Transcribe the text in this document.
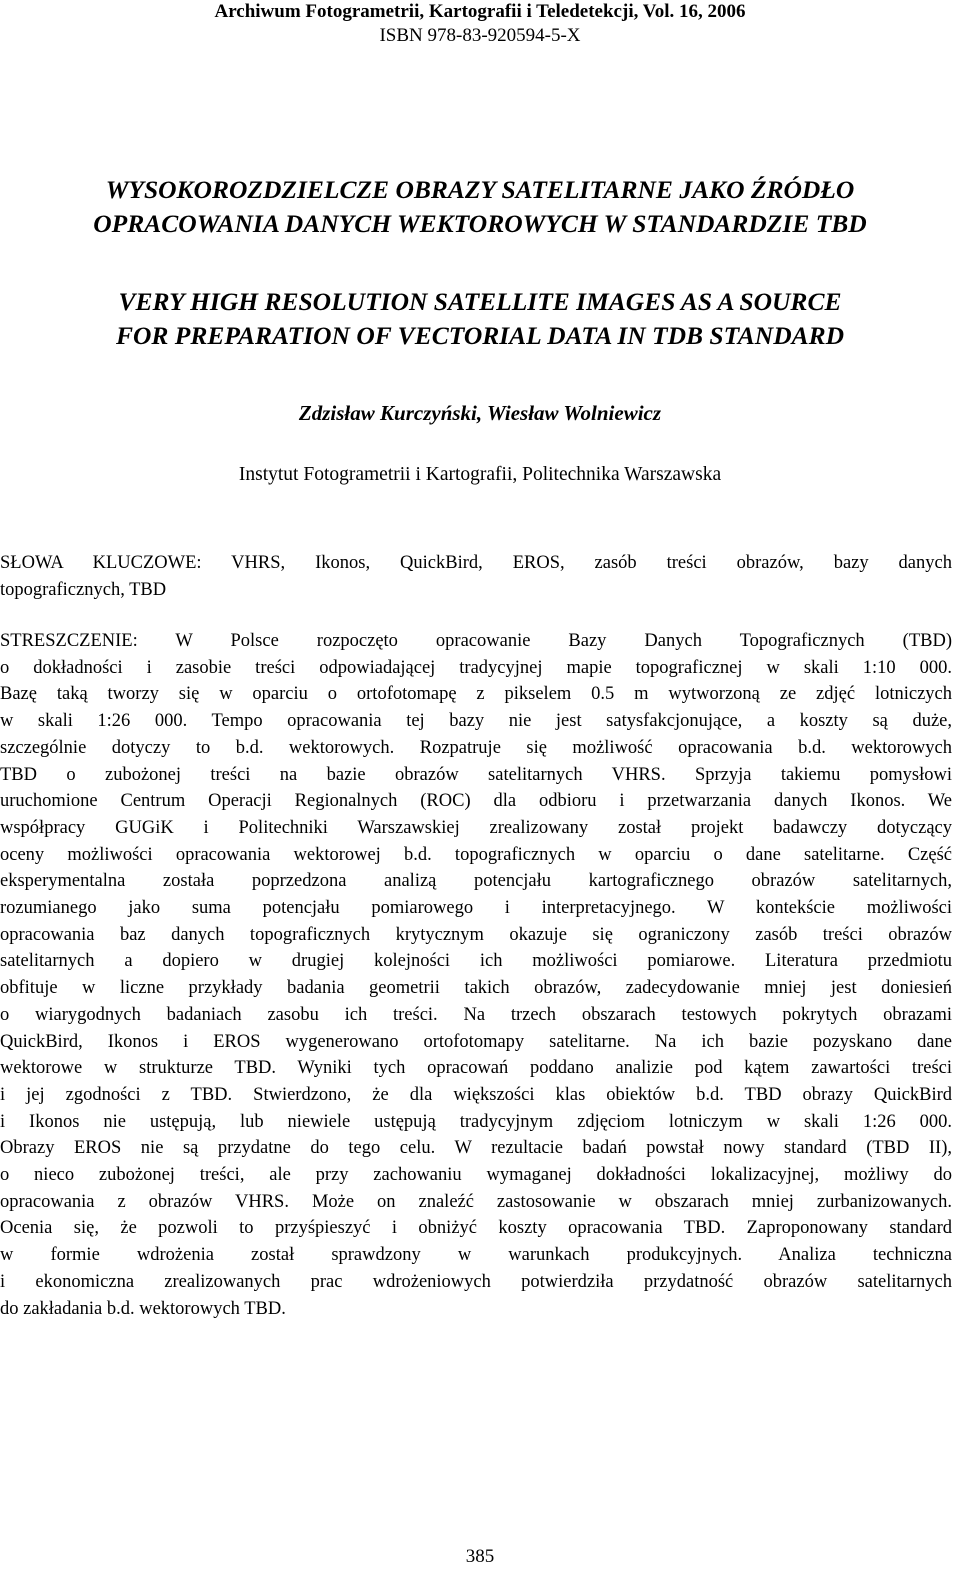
Archiwum Fotogrametrii, Kartografii i Teledetekcji, Vol. 16, 2006
ISBN 978-83-920594-5-X
WYSOKOROZDZIELCZE OBRAZY SATELITARNE JAKO ŹRÓDŁO
OPRACOWANIA DANYCH WEKTOROWYCH W STANDARDZIE TBD
VERY HIGH RESOLUTION SATELLITE IMAGES AS A SOURCE
FOR PREPARATION OF VECTORIAL DATA IN TDB STANDARD
Zdzisław Kurczyński, Wiesław Wolniewicz
Instytut Fotogrametrii i Kartografii, Politechnika Warszawska
SŁOWA KLUCZOWE: VHRS, Ikonos, QuickBird, EROS, zasób treści obrazów, bazy danych
topograficznych, TBD
STRESZCZENIE: W Polsce rozpoczęto opracowanie Bazy Danych Topograficznych (TBD)
o dokładności i zasobie treści odpowiadającej tradycyjnej mapie topograficznej w skali 1:10 000.
Bazę taką tworzy się w oparciu o ortofotomapę z pikselem 0.5 m wytworzoną ze zdjęć lotniczych
w skali 1:26 000. Tempo opracowania tej bazy nie jest satysfakcjonujące, a koszty są duże,
szczególnie dotyczy to b.d. wektorowych. Rozpatruje się możliwość opracowania b.d. wektorowych
TBD o zubożonej treści na bazie obrazów satelitarnych VHRS. Sprzyja takiemu pomysłowi
uruchomione Centrum Operacji Regionalnych (ROC) dla odbioru i przetwarzania danych Ikonos. We
współpracy GUGiK i Politechniki Warszawskiej zrealizowany został projekt badawczy dotyczący
oceny możliwości opracowania wektorowej b.d. topograficznych w oparciu o dane satelitarne. Część
eksperymentalna została poprzedzona analizą potencjału kartograficznego obrazów satelitarnych,
rozumianego jako suma potencjału pomiarowego i interpretacyjnego. W kontekście możliwości
opracowania baz danych topograficznych krytycznym okazuje się ograniczony zasób treści obrazów
satelitarnych a dopiero w drugiej kolejności ich możliwości pomiarowe. Literatura przedmiotu
obfituje w liczne przykłady badania geometrii takich obrazów, zadecydowanie mniej jest doniesień
o wiarygodnych badaniach zasobu ich treści. Na trzech obszarach testowych pokrytych obrazami
QuickBird, Ikonos i EROS wygenerowano ortofotomapy satelitarne. Na ich bazie pozyskano dane
wektorowe w strukturze TBD. Wyniki tych opracowań poddano analizie pod kątem zawartości treści
i jej zgodności z TBD. Stwierdzono, że dla większości klas obiektów b.d. TBD obrazy QuickBird
i Ikonos nie ustępują, lub niewiele ustępują tradycyjnym zdjęciom lotniczym w skali 1:26 000.
Obrazy EROS nie są przydatne do tego celu. W rezultacie badań powstał nowy standard (TBD II),
o nieco zubożonej treści, ale przy zachowaniu wymaganej dokładności lokalizacyjnej, możliwy do
opracowania z obrazów VHRS. Może on znaleźć zastosowanie w obszarach mniej zurbanizowanych.
Ocenia się, że pozwoli to przyśpieszyć i obniżyć koszty opracowania TBD. Zaproponowany standard
w formie wdrożenia został sprawdzony w warunkach produkcyjnych. Analiza techniczna
i ekonomiczna zrealizowanych prac wdrożeniowych potwierdziła przydatność obrazów satelitarnych
do zakładania b.d. wektorowych TBD.
385
